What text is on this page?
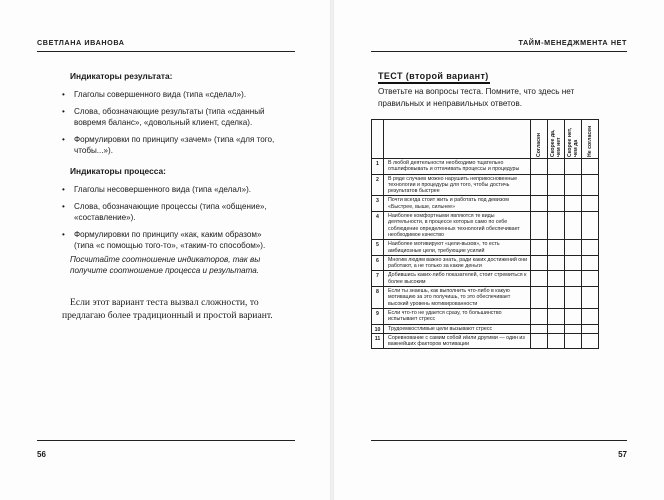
СВЕТЛАНА ИВАНОВА
Индикаторы результата:
• Глаголы совершенного вида (типа «сделал»).
• Слова, обозначающие результаты (типа «сданный вовремя баланс», «довольный клиент, сделка).
• Формулировки по принципу «зачем» (типа «для того, чтобы...»).
Индикаторы процесса:
• Глаголы несовершенного вида (типа «делал»).
• Слова, обозначающие процессы (типа «общение», «составление»).
• Формулировки по принципу «как, каким образом» (типа «с помощью того-то», «таким-то способом»).
Посчитайте соотношение индикаторов, так вы получите соотношение процесса и результата.
Если этот вариант теста вызвал сложности, то предлагаю более традиционный и простой вариант.
56
ТАЙМ-МЕНЕДЖМЕНТА НЕТ
ТЕСТ (второй вариант)
Ответьте на вопросы теста. Помните, что здесь нет правильных и неправильных ответов.

		Согласен	Скорее да, чем нет	Скорее нет, чем да	Не согласен

1	В любой деятельности необходимо тщательно отшлифовывать и оттачивать процессы и процедуры				
2	В ряде случаев можно нарушить неприкосновенные технологии и процедуры для того, чтобы достичь результатов быстрее				
3	Почти всегда стоит жить и работать под девизом «Быстрее, выше, сильнее»				
4	Наиболее комфортными являются те виды деятельности, в процессе которых само по себе соблюдение определенных технологий обеспечивает необходимое качество				
5	Наиболее мотивируют «цели-вызов», то есть амбициозные цели, требующие усилий				
6	Многим людям важно знать, ради каких достижений они работают, а не только за какие деньги				
7	Добившись каких-либо показателей, стоит стремиться к более высоким				
8	Если ты знаешь, как выполнить что-либо в какую мотивацию за это получишь, то это обеспечивает высокий уровень мотивированности				
9	Если что-то не удается сразу, то большинство испытывает стресс				
10	Трудоемкостливые цели вызывают стресс				
11	Соревнование с самим собой и/или другими — один из важнейших факторов мотивации				
57
